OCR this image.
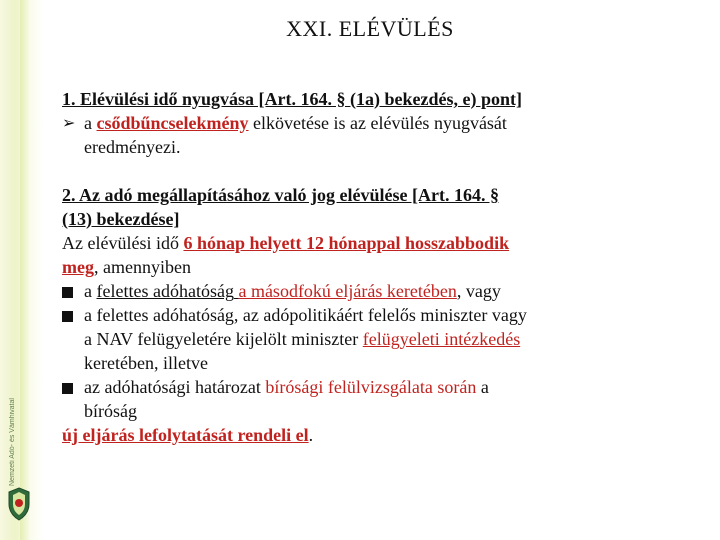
Nemzeti Adó- és Vámhivatal
XXI. ELÉVÜLÉS

1. Elévülési idő nyugvása [Art. 164. § (1a) bekezdés, e) pont]

➢ a csődbűncselekmény elkövetése is az elévülés nyugvását
eredményezi.
2. Az adó megállapításához való jog elévülése [Art. 164. §
(13) bekezdése]
Az elévülési idő 6 hónap helyett 12 hónappal hosszabbodik
meg, amennyiben
a felettes adóhatóság a másodfokú eljárás keretében, vagy
a felettes adóhatóság, az adópolitikáért felelős miniszter vagy
a NAV felügyeletére kijelölt miniszter felügyeleti intézkedés
keretében, illetve
az adóhatósági határozat bírósági felülvizsgálata során a
bíróság
új eljárás lefolytatását rendeli el.
